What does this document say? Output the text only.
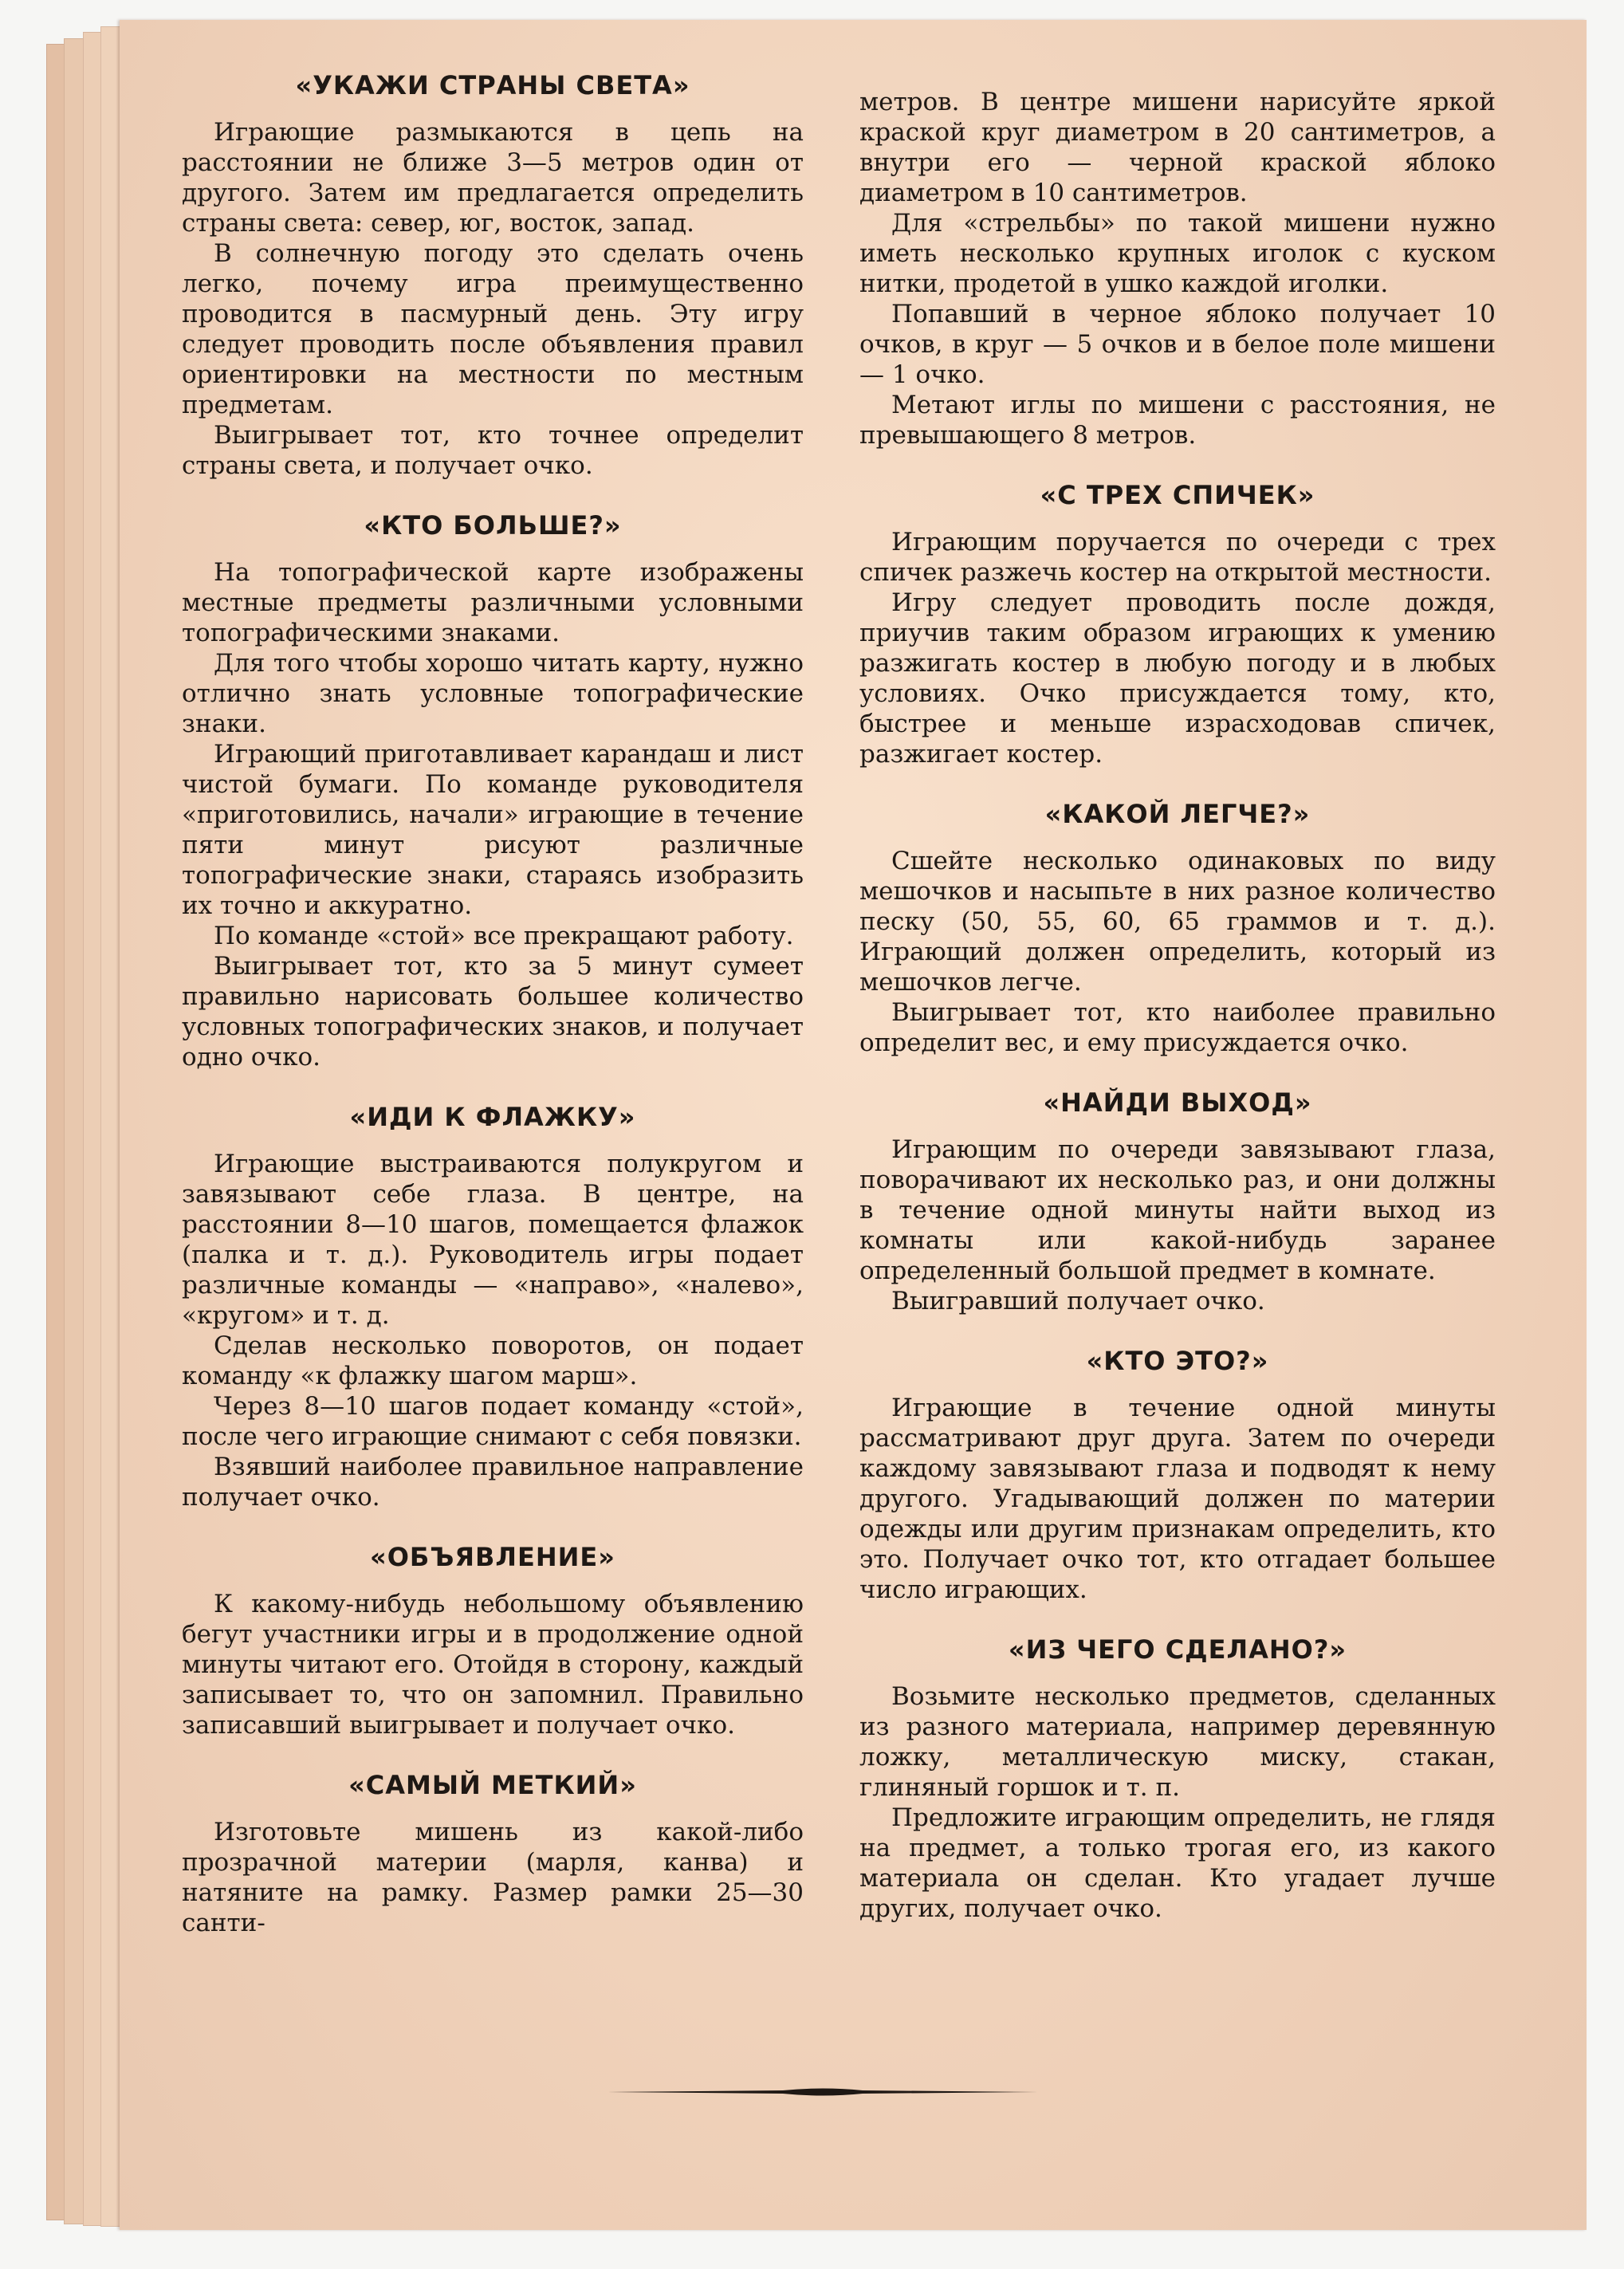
«УКАЖИ СТРАНЫ СВЕТА»

Играющие размыкаются в цепь на расстоянии не ближе 3—5 метров один от другого. Затем им предлагается определить страны света: север, юг, восток, запад.

В солнечную погоду это сделать очень легко, почему игра преимущественно проводится в пасмурный день. Эту игру следует проводить после объявления правил ориентировки на местности по местным предметам.

Выигрывает тот, кто точнее определит страны света, и получает очко.

«КТО БОЛЬШЕ?»

На топографической карте изображены местные предметы различными условными топографическими знаками.

Для того чтобы хорошо читать карту, нужно отлично знать условные топографические знаки.

Играющий приготавливает карандаш и лист чистой бумаги. По команде руководителя «приготовились, начали» играющие в течение пяти минут рисуют различные топографические знаки, стараясь изобразить их точно и аккуратно.

По команде «стой» все прекращают работу.

Выигрывает тот, кто за 5 минут сумеет правильно нарисовать большее количество условных топографических знаков, и получает одно очко.

«ИДИ К ФЛАЖКУ»

Играющие выстраиваются полукругом и завязывают себе глаза. В центре, на расстоянии 8—10 шагов, помещается флажок (палка и т. д.). Руководитель игры подает различные команды — «направо», «налево», «кругом» и т. д.

Сделав несколько поворотов, он подает команду «к флажку шагом марш».

Через 8—10 шагов подает команду «стой», после чего играющие снимают с себя повязки.

Взявший наиболее правильное направление получает очко.

«ОБЪЯВЛЕНИЕ»

К какому-нибудь небольшому объявлению бегут участники игры и в продолжение одной минуты читают его. Отойдя в сторону, каждый записывает то, что он запомнил. Правильно записавший выигрывает и получает очко.

«САМЫЙ МЕТКИЙ»

Изготовьте мишень из какой-либо прозрачной материи (марля, канва) и натяните на рамку. Размер рамки 25—30 санти-

метров. В центре мишени нарисуйте яркой краской круг диаметром в 20 сантиметров, а внутри его — черной краской яблоко диаметром в 10 сантиметров.

Для «стрельбы» по такой мишени нужно иметь несколько крупных иголок с куском нитки, продетой в ушко каждой иголки.

Попавший в черное яблоко получает 10 очков, в круг — 5 очков и в белое поле мишени — 1 очко.

Метают иглы по мишени с расстояния, не превышающего 8 метров.

«С ТРЕХ СПИЧЕК»

Играющим поручается по очереди с трех спичек разжечь костер на открытой местности.

Игру следует проводить после дождя, приучив таким образом играющих к умению разжигать костер в любую погоду и в любых условиях. Очко присуждается тому, кто, быстрее и меньше израсходовав спичек, разжигает костер.

«КАКОЙ ЛЕГЧЕ?»

Сшейте несколько одинаковых по виду мешочков и насыпьте в них разное количество песку (50, 55, 60, 65 граммов и т. д.). Играющий должен определить, который из мешочков легче.

Выигрывает тот, кто наиболее правильно определит вес, и ему присуждается очко.

«НАЙДИ ВЫХОД»

Играющим по очереди завязывают глаза, поворачивают их несколько раз, и они должны в течение одной минуты найти выход из комнаты или какой-нибудь заранее определенный большой предмет в комнате.

Выигравший получает очко.

«КТО ЭТО?»

Играющие в течение одной минуты рассматривают друг друга. Затем по очереди каждому завязывают глаза и подводят к нему другого. Угадывающий должен по материи одежды или другим признакам определить, кто это. Получает очко тот, кто отгадает большее число играющих.

«ИЗ ЧЕГО СДЕЛАНО?»

Возьмите несколько предметов, сделанных из разного материала, например деревянную ложку, металлическую миску, стакан, глиняный горшок и т. п.

Предложите играющим определить, не глядя на предмет, а только трогая его, из какого материала он сделан. Кто угадает лучше других, получает очко.
